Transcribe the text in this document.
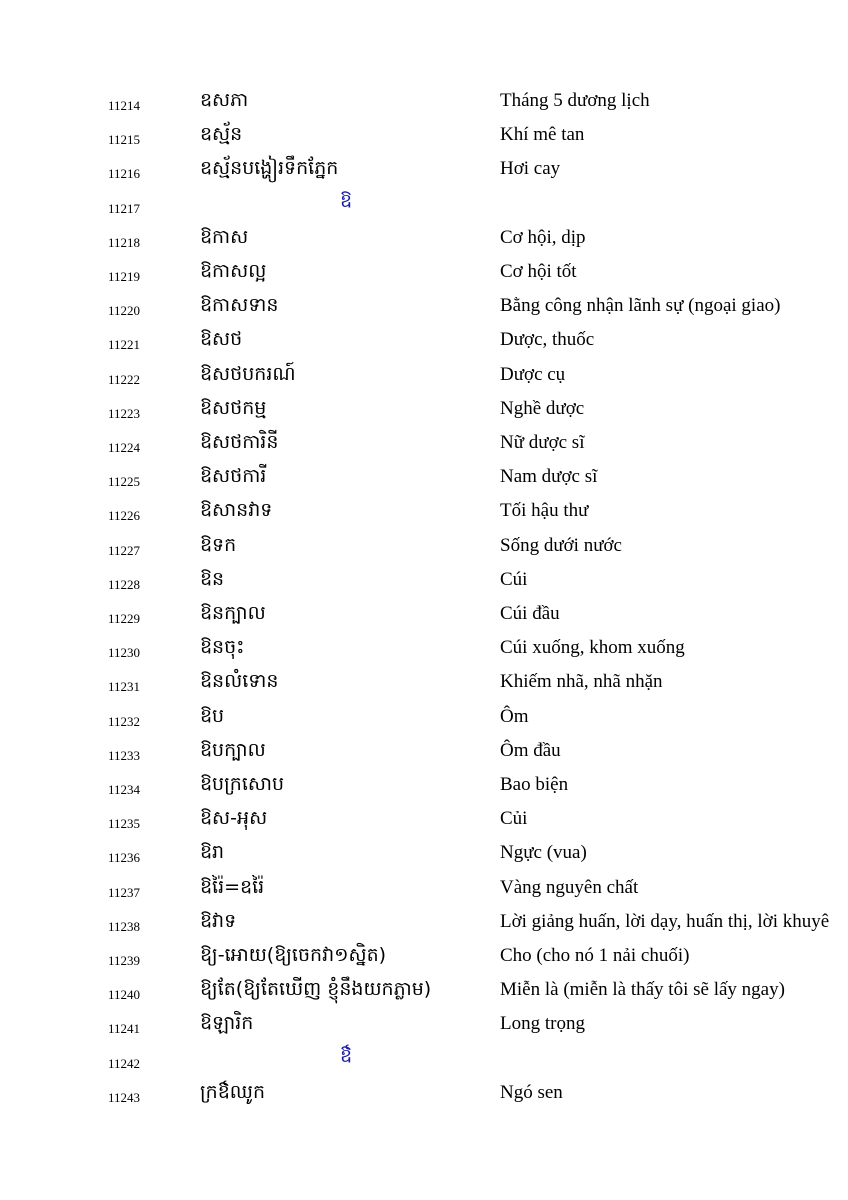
11214	ឧសភា	Tháng 5 dương lịch
11215	ឧស្ម័ន	Khí mê tan
11216	ឧស្ម័នបង្ហៀរទឹកភ្នែក	Hơi cay
11217	ឱ
11218	ឱកាស	Cơ hội, dịp
11219	ឱកាសល្អ	Cơ hội tốt
11220	ឱកាសទាន	Bằng công nhận lãnh sự (ngoại giao)
11221	ឱសថ	Dược, thuốc
11222	ឱសថបករណ៍	Dược cụ
11223	ឱសថកម្ម	Nghề dược
11224	ឱសថការិនី	Nữ dược sĩ
11225	ឱសថការី	Nam dược sĩ
11226	ឱសានវាទ	Tối hậu thư
11227	ឱទក	Sống dưới nước
11228	ឱន	Cúi
11229	ឱនក្បាល	Cúi đầu
11230	ឱនចុះ	Cúi xuống, khom xuống
11231	ឱនលំទោន	Khiếm nhã, nhã nhặn
11232	ឱប	Ôm
11233	ឱបក្បាល	Ôm đầu
11234	ឱបក្រសោប	Bao biện
11235	ឱស-អុស	Củi
11236	ឱរា	Ngực (vua)
11237	ឱរ៉ៃ=ឧរ៉ៃ	Vàng nguyên chất
11238	ឱវាទ	Lời giảng huấn, lời dạy, huấn thị, lời khuyê
11239	ឱ្យ-អោយ(ឱ្យចេកវា១ស្និត)	Cho (cho nó 1 nải chuối)
11240	ឱ្យតែ(ឱ្យតែឃើញ ខ្ញុំនឹងយកភ្លាម)	Miễn là (miễn là thấy tôi sẽ lấy ngay)
11241	ឱឡារិក	Long trọng
11242	ឳ
11243	ក្រឳឈូក	Ngó sen
